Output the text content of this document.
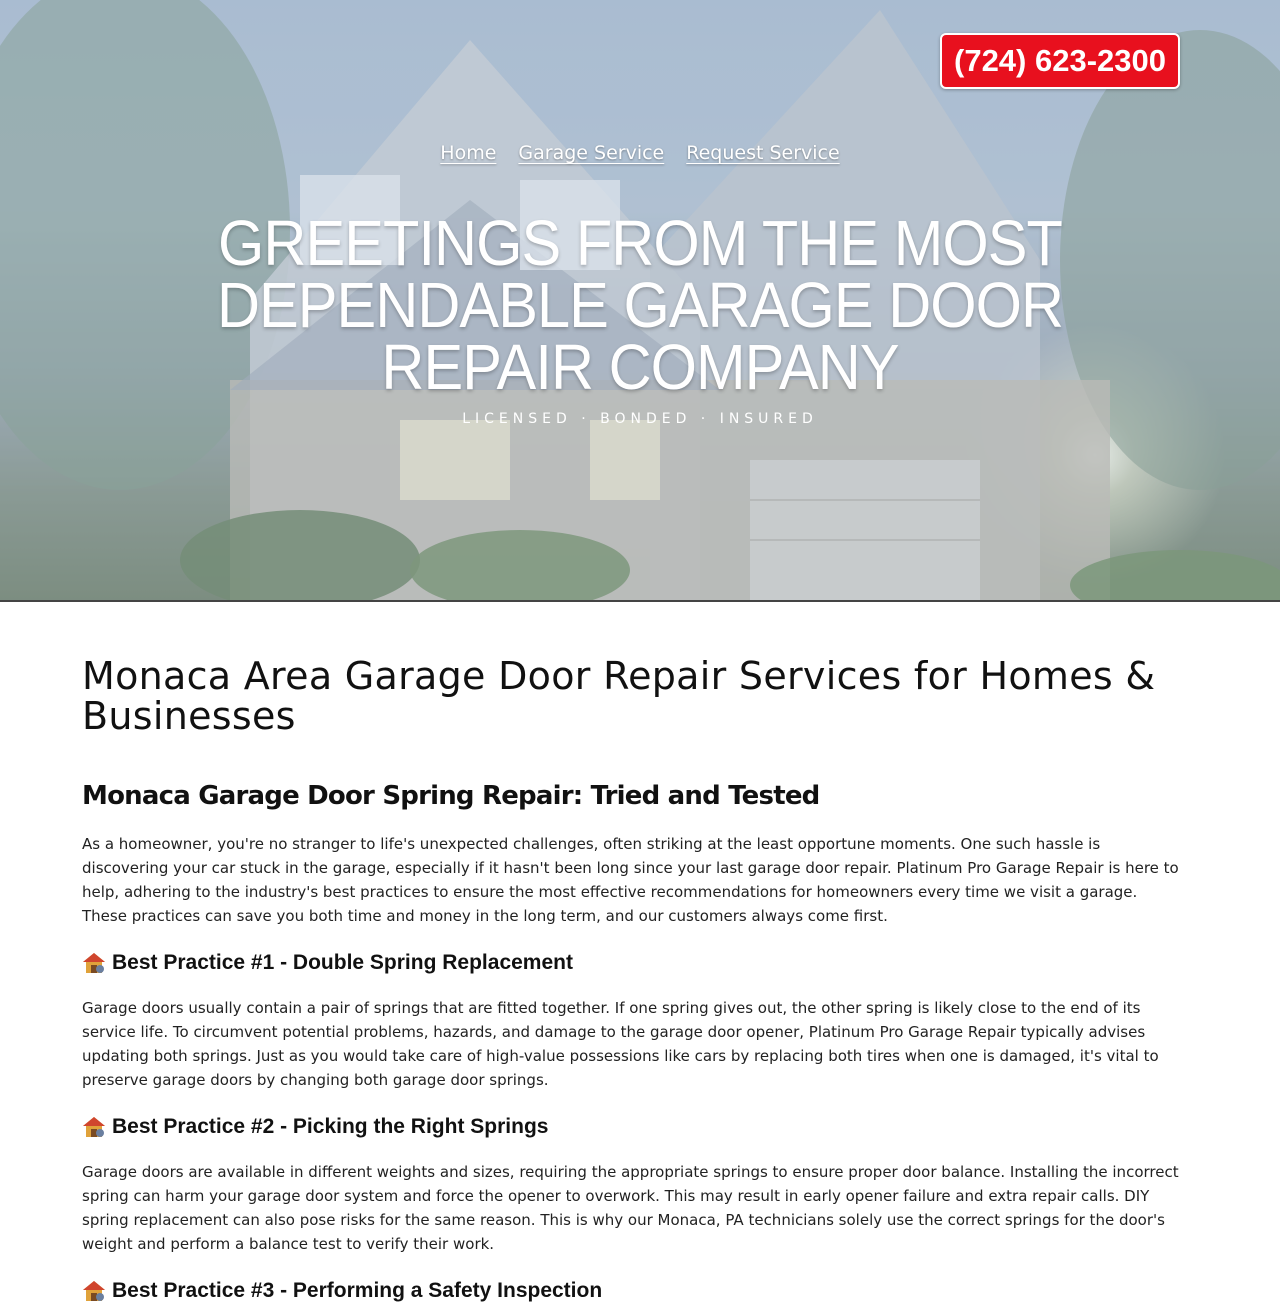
(724) 623-2300
Home Garage Service Request Service
GREETINGS FROM THE MOST DEPENDABLE GARAGE DOOR REPAIR COMPANY
LICENSED · BONDED · INSURED
Monaca Area Garage Door Repair Services for Homes & Businesses
Monaca Garage Door Spring Repair: Tried and Tested

As a homeowner, you're no stranger to life's unexpected challenges, often striking at the least opportune moments. One such hassle is discovering your car stuck in the garage, especially if it hasn't been long since your last garage door repair. Platinum Pro Garage Repair is here to help, adhering to the industry's best practices to ensure the most effective recommendations for homeowners every time we visit a garage. These practices can save you both time and money in the long term, and our customers always come first.

Best Practice #1 - Double Spring Replacement

Garage doors usually contain a pair of springs that are fitted together. If one spring gives out, the other spring is likely close to the end of its service life. To circumvent potential problems, hazards, and damage to the garage door opener, Platinum Pro Garage Repair typically advises updating both springs. Just as you would take care of high-value possessions like cars by replacing both tires when one is damaged, it's vital to preserve garage doors by changing both garage door springs.

Best Practice #2 - Picking the Right Springs

Garage doors are available in different weights and sizes, requiring the appropriate springs to ensure proper door balance. Installing the incorrect spring can harm your garage door system and force the opener to overwork. This may result in early opener failure and extra repair calls. DIY spring replacement can also pose risks for the same reason. This is why our Monaca, PA technicians solely use the correct springs for the door's weight and perform a balance test to verify their work.

Best Practice #3 - Performing a Safety Inspection
